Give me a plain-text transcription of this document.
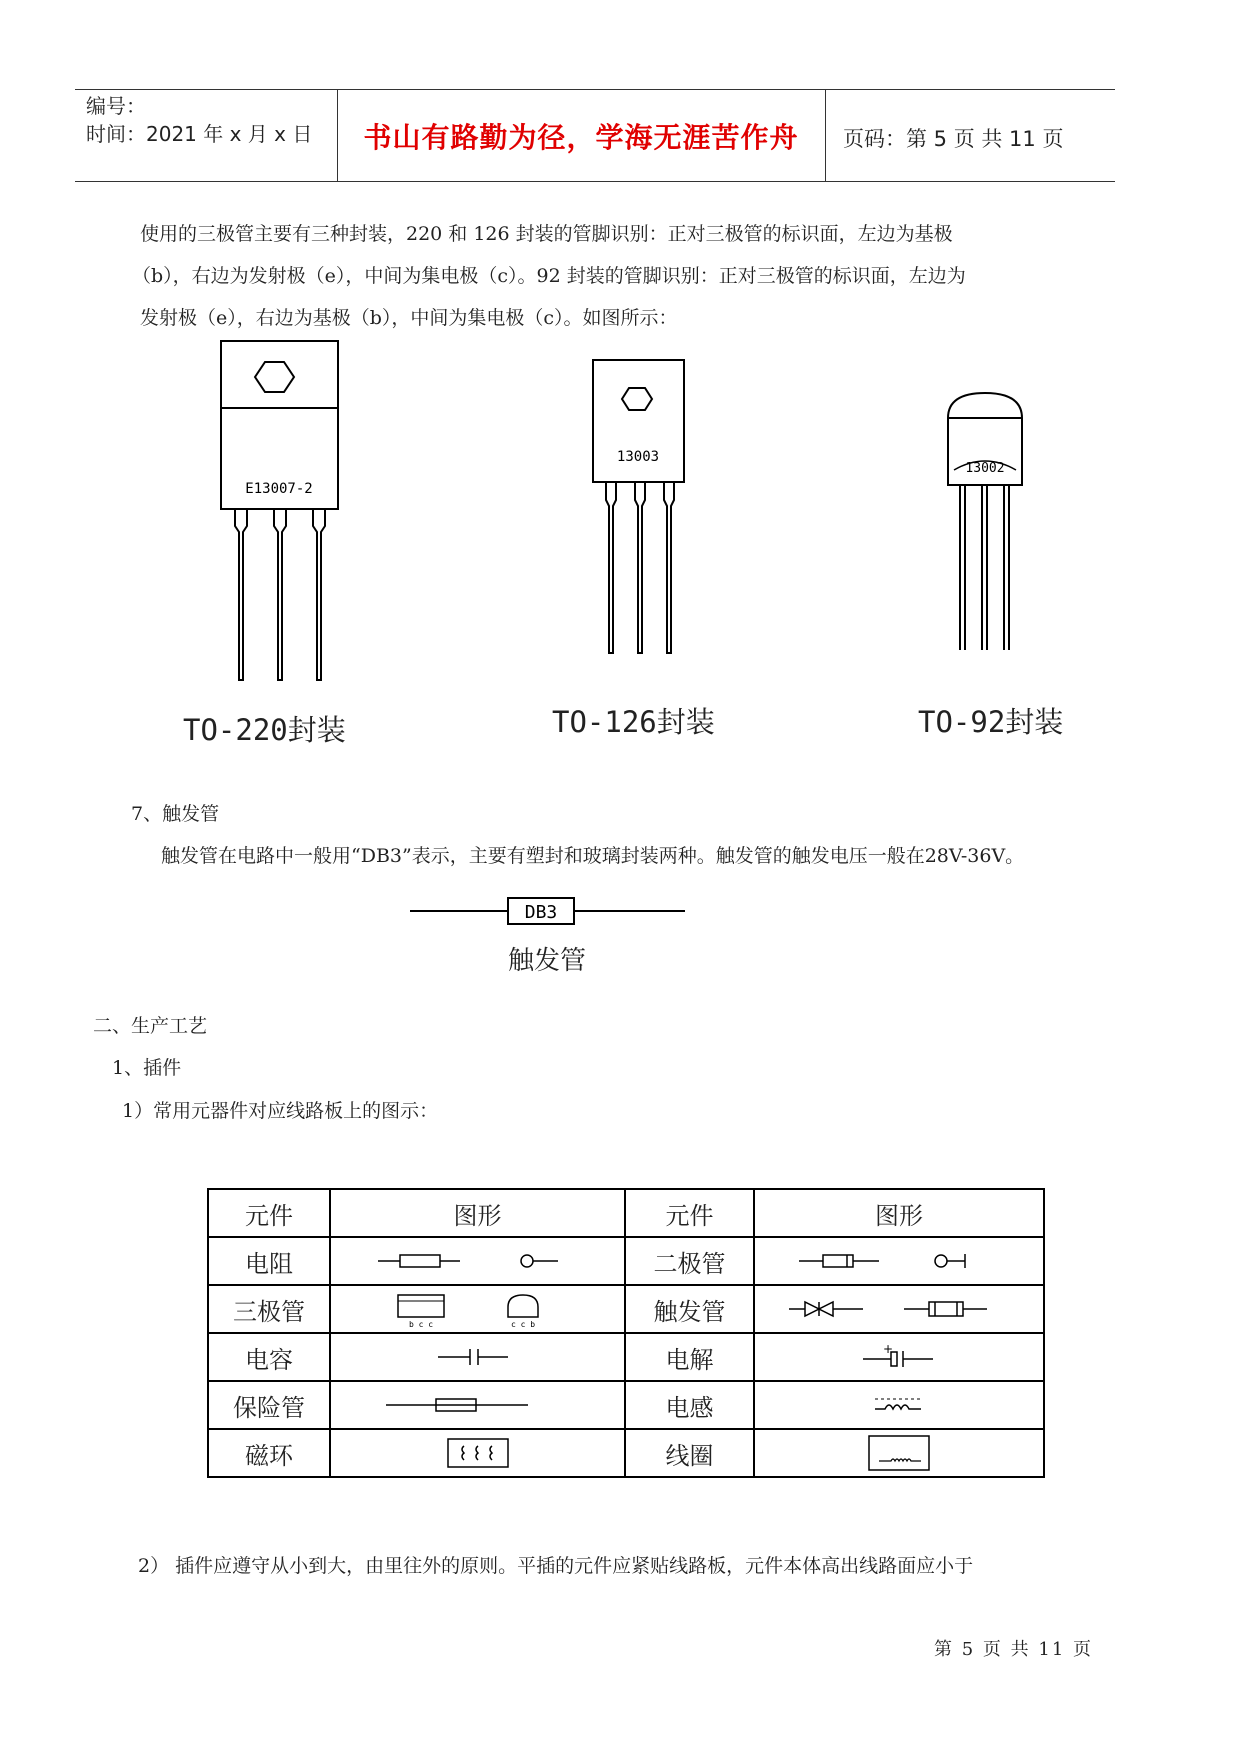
编号：
时间：2021 年 x 月 x 日	书山有路勤为径，学海无涯苦作舟	页码：第 5 页 共 11 页
使用的三极管主要有三种封装，220 和 126 封装的管脚识别：正对三极管的标识面，左边为基极
（b），右边为发射极（e），中间为集电极（c）。92 封装的管脚识别：正对三极管的标识面，左边为
发射极（e），右边为基极（b），中间为集电极（c）。如图所示：
E13007-2
TO-220封装
13003
TO-126封装
13002
TO-92封装
7、触发管
触发管在电路中一般用“DB3”表示，主要有塑封和玻璃封装两种。触发管的触发电压一般在28V-36V。
DB3
触发管
二、生产工艺
1、插件
1）常用元器件对应线路板上的图示：
元件	图形	元件	图形
电阻		二极管	

三极管	b c c c c b	触发管	

电容		电解	+

保险管		电感	

磁环		线圈	
2） 插件应遵守从小到大，由里往外的原则。平插的元件应紧贴线路板，元件本体高出线路面应小于
第 5 页 共 11 页
